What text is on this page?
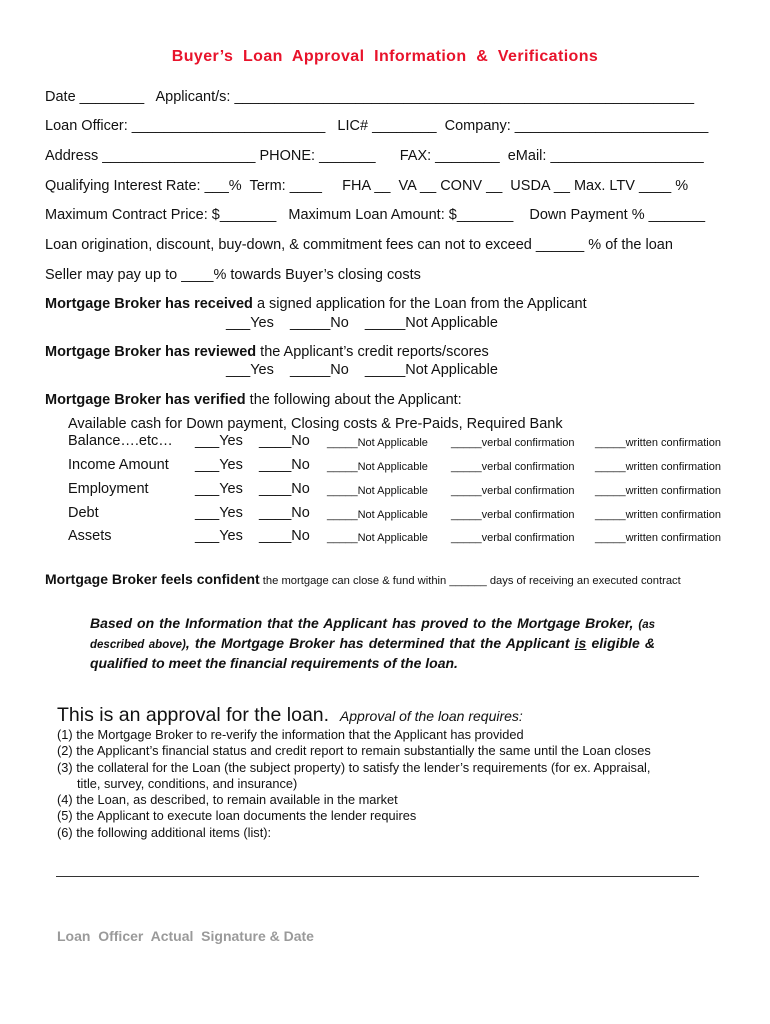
Buyer’s  Loan  Approval  Information  &  Verifications
Date ________   Applicant/s: _________________________________________________________
Loan Officer: ________________________   LIC# ________  Company: ________________________
Address ___________________ PHONE: _______      FAX: ________  eMail: ___________________
Qualifying Interest Rate: ___%  Term: ____     FHA __  VA __ CONV __  USDA __ Max. LTV ____ %
Maximum Contract Price: $_______   Maximum Loan Amount: $_______    Down Payment % _______
Loan origination, discount, buy-down, & commitment fees can not to exceed ______ % of the loan
Seller may pay up to ____% towards Buyer’s closing costs
Mortgage Broker has received a signed application for the Loan from the Applicant
___Yes    _____No    _____Not Applicable
Mortgage Broker has reviewed the Applicant’s credit reports/scores
___Yes    _____No    _____Not Applicable
Mortgage Broker has verified the following about the Applicant:
Available cash for Down payment, Closing costs & Pre-Paids, Required Bank
Balance….etc… ___Yes ____No _____Not Applicable _____verbal confirmation _____written confirmation
Income Amount ___Yes ____No _____Not Applicable _____verbal confirmation _____written confirmation
Employment	___Yes ____No _____Not Applicable _____verbal confirmation _____written confirmation
Debt	___Yes ____No _____Not Applicable _____verbal confirmation _____written confirmation
Assets	___Yes ____No _____Not Applicable _____verbal confirmation _____written confirmation
Mortgage Broker feels confident the mortgage can close & fund within ______ days of receiving an executed contract
Based on the Information that the Applicant has proved to the Mortgage Broker, (as described above), the Mortgage Broker has determined that the Applicant is eligible & qualified to meet the financial requirements of the loan.
This is an approval for the loan. Approval of the loan requires:
(1) the Mortgage Broker to re-verify the information that the Applicant has provided
(2) the Applicant’s financial status and credit report to remain substantially the same until the Loan closes
(3) the collateral for the Loan (the subject property) to satisfy the lender’s requirements (for ex. Appraisal,
title, survey, conditions, and insurance)
(4) the Loan, as described, to remain available in the market
(5) the Applicant to execute loan documents the lender requires
(6) the following additional items (list):
Loan  Officer  Actual  Signature & Date
